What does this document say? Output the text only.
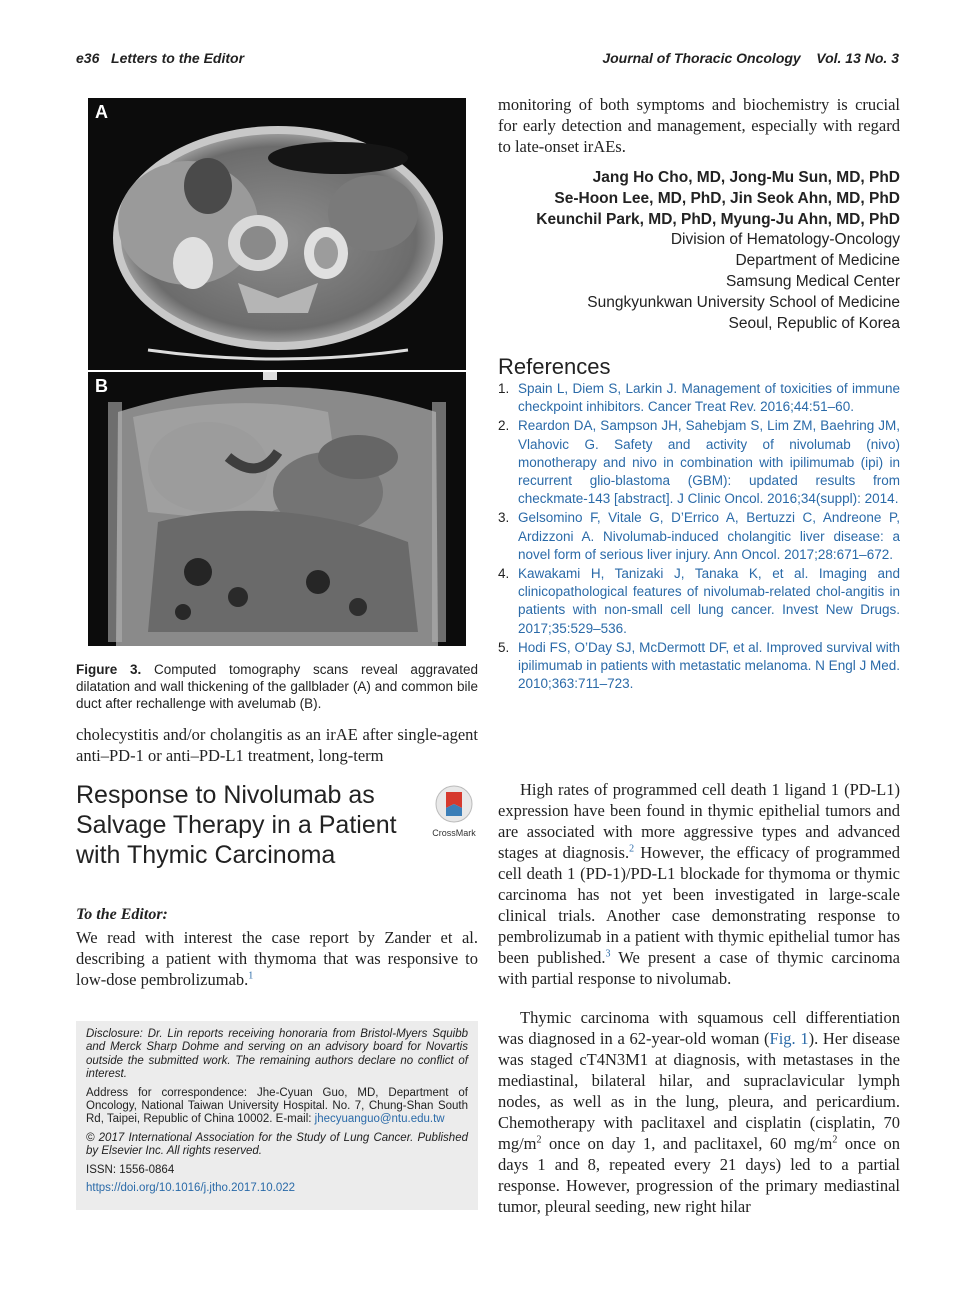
e36 Letters to the Editor	Journal of Thoracic Oncology Vol. 13 No. 3
A
B
Figure 3. Computed tomography scans reveal aggravated dilatation and wall thickening of the gallblader (A) and common bile duct after rechallenge with avelumab (B).
cholecystitis and/or cholangitis as an irAE after single-agent anti–PD-1 or anti–PD-L1 treatment, long-term
Response to Nivolumab as Salvage Therapy in a Patient with Thymic Carcinoma
CrossMark
To the Editor:
We read with interest the case report by Zander et al. describing a patient with thymoma that was responsive to low-dose pembrolizumab.$^1$

Disclosure: Dr. Lin reports receiving honoraria from Bristol-Myers Squibb and Merck Sharp Dohme and serving on an advisory board for Novartis outside the submitted work. The remaining authors declare no conflict of interest.

Address for correspondence: Jhe-Cyuan Guo, MD, Department of Oncology, National Taiwan University Hospital. No. 7, Chung-Shan South Rd, Taipei, Republic of China 10002. E-mail: jhecyuanguo@ntu.edu.tw

© 2017 International Association for the Study of Lung Cancer. Published by Elsevier Inc. All rights reserved.

ISSN: 1556-0864

https://doi.org/10.1016/j.jtho.2017.10.022

monitoring of both symptoms and biochemistry is crucial for early detection and management, especially with regard to late-onset irAEs.
Jang Ho Cho, MD, Jong-Mu Sun, MD, PhD
Se-Hoon Lee, MD, PhD, Jin Seok Ahn, MD, PhD
Keunchil Park, MD, PhD, Myung-Ju Ahn, MD, PhD
Division of Hematology-Oncology
Department of Medicine
Samsung Medical Center
Sungkyunkwan University School of Medicine
Seoul, Republic of Korea
References
1. Spain L, Diem S, Larkin J. Management of toxicities of immune checkpoint inhibitors. Cancer Treat Rev. 2016;44:51–60.
2. Reardon DA, Sampson JH, Sahebjam S, Lim ZM, Baehring JM, Vlahovic G. Safety and activity of nivolumab (nivo) monotherapy and nivo in combination with ipilimumab (ipi) in recurrent glio-blastoma (GBM): updated results from checkmate-143 [abstract]. J Clinic Oncol. 2016;34(suppl): 2014.
3. Gelsomino F, Vitale G, D’Errico A, Bertuzzi C, Andreone P, Ardizzoni A. Nivolumab-induced cholangitic liver disease: a novel form of serious liver injury. Ann Oncol. 2017;28:671–672.
4. Kawakami H, Tanizaki J, Tanaka K, et al. Imaging and clinicopathological features of nivolumab-related chol-angitis in patients with non-small cell lung cancer. Invest New Drugs. 2017;35:529–536.
5. Hodi FS, O’Day SJ, McDermott DF, et al. Improved survival with ipilimumab in patients with metastatic melanoma. N Engl J Med. 2010;363:711–723.
High rates of programmed cell death 1 ligand 1 (PD-L1) expression have been found in thymic epithelial tumors and are associated with more aggressive types and advanced stages at diagnosis.$^2$ However, the efficacy of programmed cell death 1 (PD-1)/PD-L1 blockade for thymoma or thymic carcinoma has not yet been investigated in large-scale clinical trials. Another case demonstrating response to pembrolizumab in a patient with thymic epithelial tumor has been published.$^3$ We present a case of thymic carcinoma with partial response to nivolumab.
Thymic carcinoma with squamous cell differentiation was diagnosed in a 62-year-old woman (Fig. 1). Her disease was staged cT4N3M1 at diagnosis, with metastases in the mediastinal, bilateral hilar, and supraclavicular lymph nodes, as well as in the lung, pleura, and pericardium. Chemotherapy with paclitaxel and cisplatin (cisplatin, 70 $mg/m^2$ once on day 1, and paclitaxel, 60 $mg/m^2$ once on days 1 and 8, repeated every 21 days) led to a partial response. However, progression of the primary mediastinal tumor, pleural seeding, new right hilar
